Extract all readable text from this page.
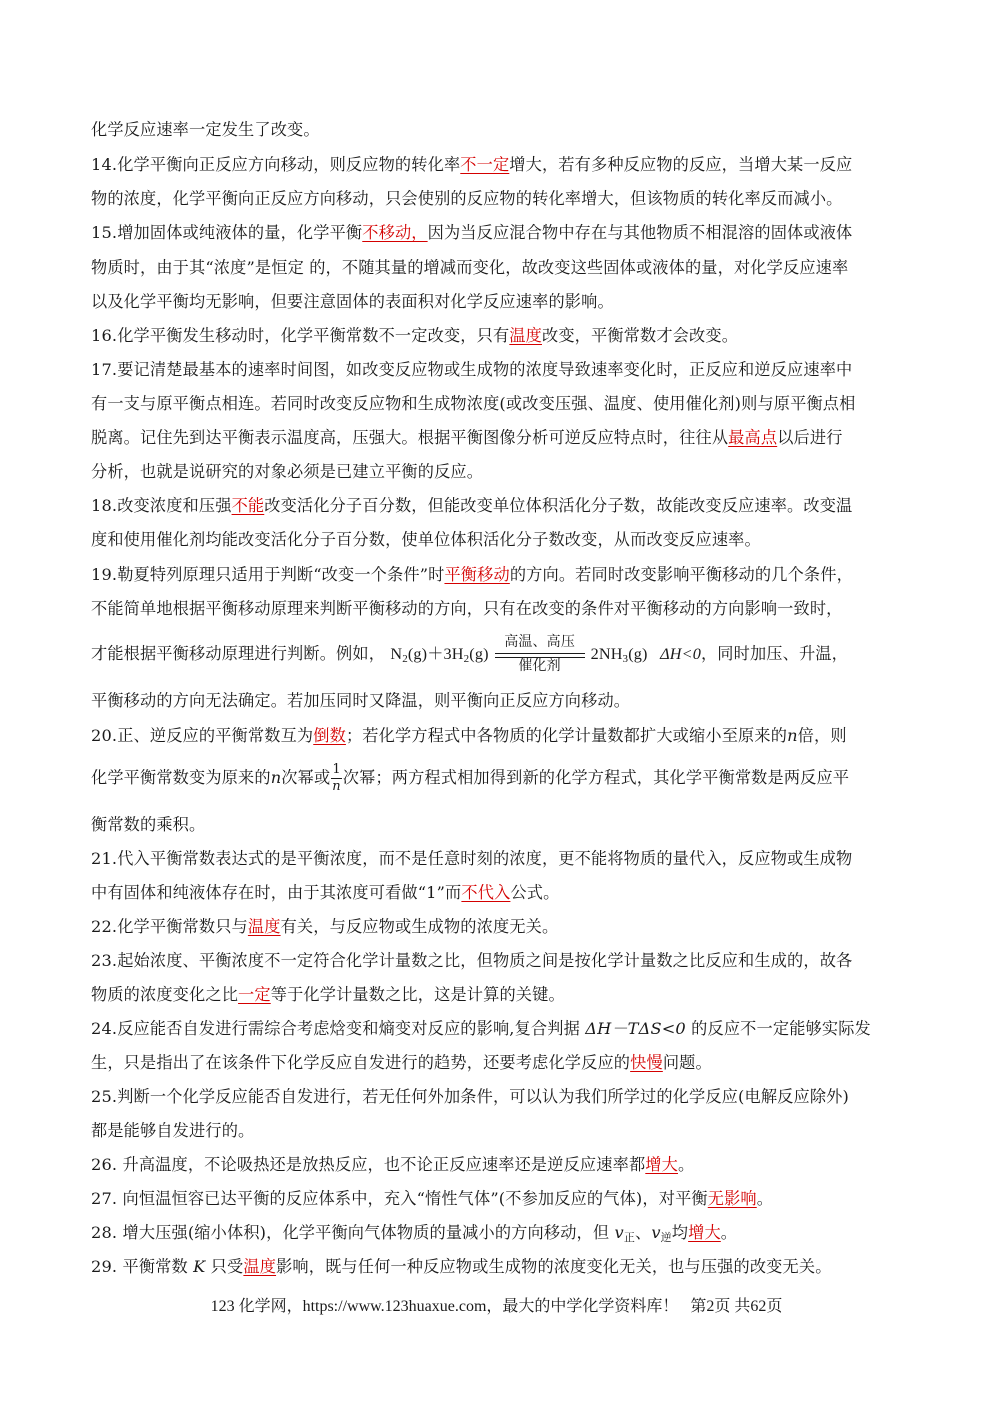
化学反应速率一定发生了改变。
14.化学平衡向正反应方向移动，则反应物的转化率不一定增大，若有多种反应物的反应，当增大某一反应
物的浓度，化学平衡向正反应方向移动，只会使别的反应物的转化率增大，但该物质的转化率反而减小。
15.增加固体或纯液体的量，化学平衡不移动，因为当反应混合物中存在与其他物质不相混溶的固体或液体
物质时，由于其“浓度”是恒定 的，不随其量的增减而变化，故改变这些固体或液体的量，对化学反应速率
以及化学平衡均无影响，但要注意固体的表面积对化学反应速率的影响。
16.化学平衡发生移动时，化学平衡常数不一定改变，只有温度改变，平衡常数才会改变。
17.要记清楚最基本的速率时间图，如改变反应物或生成物的浓度导致速率变化时，正反应和逆反应速率中
有一支与原平衡点相连。若同时改变反应物和生成物浓度(或改变压强、温度、使用催化剂)则与原平衡点相
脱离。记住先到达平衡表示温度高，压强大。根据平衡图像分析可逆反应特点时，往往从最高点以后进行
分析，也就是说研究的对象必须是已建立平衡的反应。
18.改变浓度和压强不能改变活化分子百分数，但能改变单位体积活化分子数，故能改变反应速率。改变温
度和使用催化剂均能改变活化分子百分数，使单位体积活化分子数改变，从而改变反应速率。
19.勒夏特列原理只适用于判断“改变一个条件”时平衡移动的方向。若同时改变影响平衡移动的几个条件，
不能简单地根据平衡移动原理来判断平衡移动的方向，只有在改变的条件对平衡移动的方向影响一致时，
才能根据平衡移动原理进行判断。例如， $N_2(g)+3H_2(g)$
高温、高压
催化剂
$2NH_3(g)$ ΔH<0，同时加压、升温，
平衡移动的方向无法确定。若加压同时又降温，则平衡向正反应方向移动。
20.正、逆反应的平衡常数互为倒数；若化学方程式中各物质的化学计量数都扩大或缩小至原来的n倍，则
化学平衡常数变为原来的n次幂或 $\frac{1}{n}$ 次幂；两方程式相加得到新的化学方程式，其化学平衡常数是两反应平
衡常数的乘积。
21.代入平衡常数表达式的是平衡浓度，而不是任意时刻的浓度，更不能将物质的量代入，反应物或生成物
中有固体和纯液体存在时，由于其浓度可看做“1”而不代入公式。
22.化学平衡常数只与温度有关，与反应物或生成物的浓度无关。
23.起始浓度、平衡浓度不一定符合化学计量数之比，但物质之间是按化学计量数之比反应和生成的，故各
物质的浓度变化之比一定等于化学计量数之比，这是计算的关键。
24.反应能否自发进行需综合考虑焓变和熵变对反应的影响,复合判据 ΔH－TΔS<0 的反应不一定能够实际发
生，只是指出了在该条件下化学反应自发进行的趋势，还要考虑化学反应的快慢问题。
25.判断一个化学反应能否自发进行，若无任何外加条件，可以认为我们所学过的化学反应(电解反应除外)
都是能够自发进行的。
26. 升高温度，不论吸热还是放热反应，也不论正反应速率还是逆反应速率都增大。
27. 向恒温恒容已达平衡的反应体系中，充入“惰性气体”(不参加反应的气体)，对平衡无影响。
28. 增大压强(缩小体积)，化学平衡向气体物质的量减小的方向移动，但 $v_正$、$v_逆$均增大。
29. 平衡常数 K 只受温度影响，既与任何一种反应物或生成物的浓度变化无关，也与压强的改变无关。
123 化学网，https://www.123huaxue.com，最大的中学化学资料库！ 第2页 共62页
